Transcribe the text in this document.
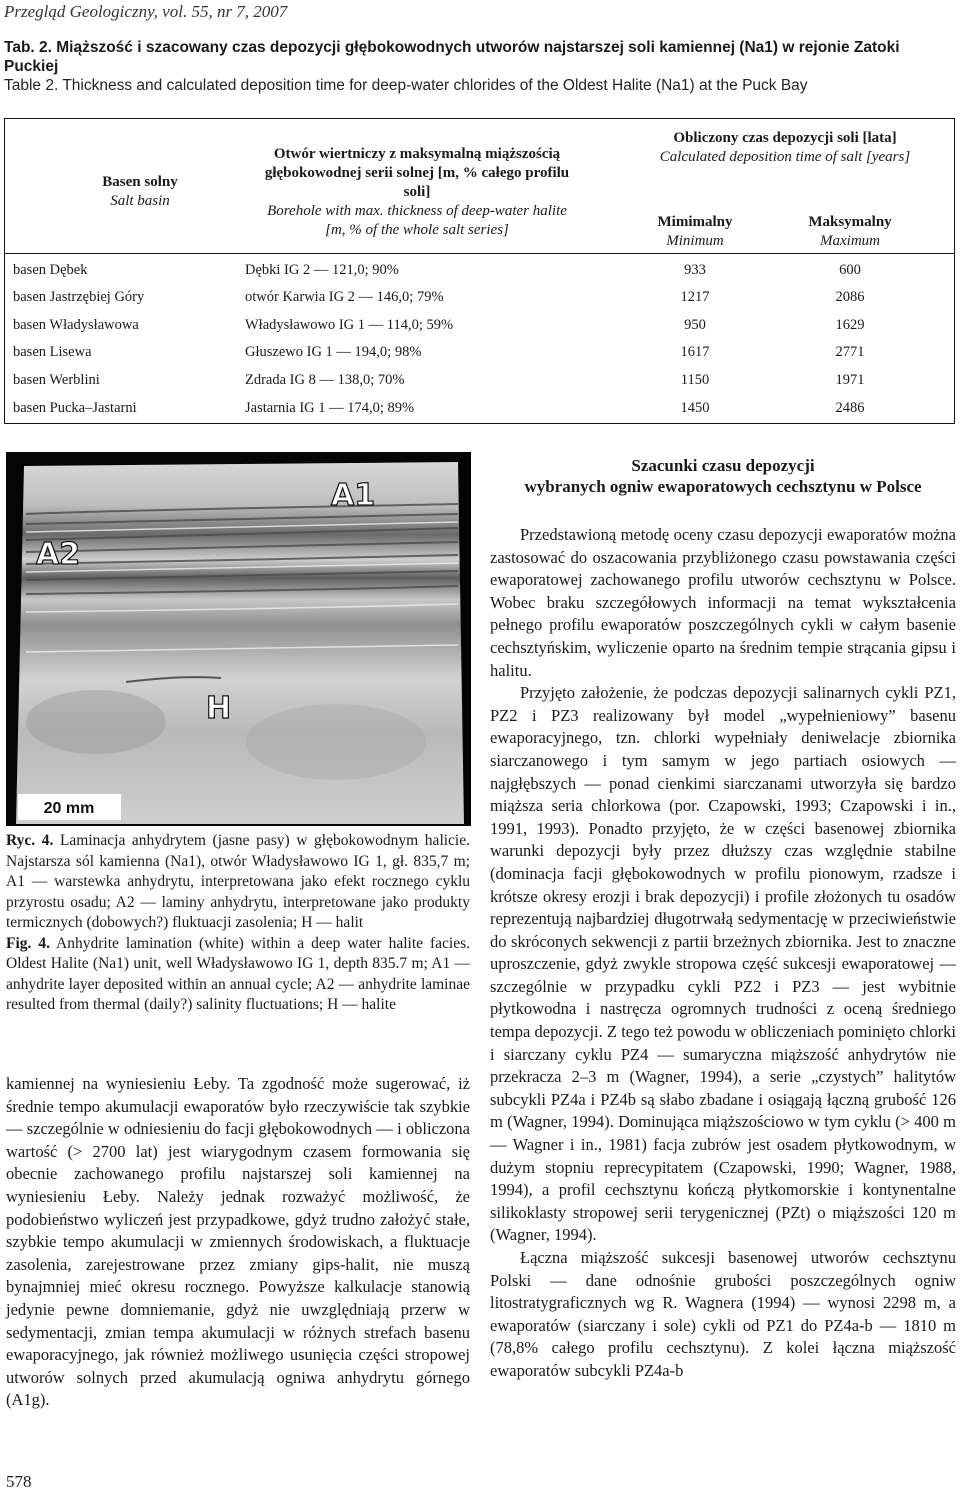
Przegląd Geologiczny, vol. 55, nr 7, 2007
Tab. 2. Miąższość i szacowany czas depozycji głębokowodnych utworów najstarszej soli kamiennej (Na1) w rejonie Zatoki Puckiej
Table 2. Thickness and calculated deposition time for deep-water chlorides of the Oldest Halite (Na1) at the Puck Bay
Basen solny
Salt basin
Otwór wiertniczy z maksymalną miąższością głębokowodnej serii solnej [m, % całego profilu soli]
Borehole with max. thickness of deep-water halite [m, % of the whole salt series]
Obliczony czas depozycji soli [lata]
Calculated deposition time of salt [years]
Mimimalny
Minimum
Maksymalny
Maximum
basen Dębek	Dębki IG 2 — 121,0; 90%	933	600
basen Jastrzębiej Góry	otwór Karwia IG 2 — 146,0; 79%	1217	2086
basen Władysławowa	Władysławowo IG 1 — 114,0; 59%	950	1629
basen Lisewa	Głuszewo IG 1 — 194,0; 98%	1617	2771
basen Werblini	Zdrada IG 8 — 138,0; 70%	1150	1971
basen Pucka–Jastarni	Jastarnia IG 1 — 174,0; 89%	1450	2486
A1
A2
H
20 mm
Ryc. 4. Laminacja anhydrytem (jasne pasy) w głębokowodnym halicie. Najstarsza sól kamienna (Na1), otwór Władysławowo IG 1, gł. 835,7 m; A1 — warstewka anhydrytu, interpretowana jako efekt rocznego cyklu przyrostu osadu; A2 — laminy anhydrytu, interpretowane jako produkty termicznych (dobowych?) fluktuacji zasolenia; H — halit
Fig. 4. Anhydrite lamination (white) within a deep water halite facies. Oldest Halite (Na1) unit, well Władysławowo IG 1, depth 835.7 m; A1 — anhydrite layer deposited within an annual cycle; A2 — anhydrite laminae resulted from thermal (daily?) salinity fluctuations; H — halite
kamiennej na wyniesieniu Łeby. Ta zgodność może sugerować, iż średnie tempo akumulacji ewaporatów było rzeczywiście tak szybkie — szczególnie w odniesieniu do facji głębokowodnych — i obliczona wartość (> 2700 lat) jest wiarygodnym czasem formowania się obecnie zachowanego profilu najstarszej soli kamiennej na wyniesieniu Łeby. Należy jednak rozważyć możliwość, że podobieństwo wyliczeń jest przypadkowe, gdyż trudno założyć stałe, szybkie tempo akumulacji w zmiennych środowiskach, a fluktuacje zasolenia, zarejestrowane przez zmiany gips-halit, nie muszą bynajmniej mieć okresu rocznego. Powyższe kalkulacje stanowią jedynie pewne domniemanie, gdyż nie uwzględniają przerw w sedymentacji, zmian tempa akumulacji w różnych strefach basenu ewaporacyjnego, jak również możliwego usunięcia części stropowej utworów solnych przed akumulacją ogniwa anhydrytu górnego (A1g).
Szacunki czasu depozycji
wybranych ogniw ewaporatowych cechsztynu w Polsce

Przedstawioną metodę oceny czasu depozycji ewaporatów można zastosować do oszacowania przybliżonego czasu powstawania części ewaporatowej zachowanego profilu utworów cechsztynu w Polsce. Wobec braku szczegółowych informacji na temat wykształcenia pełnego profilu ewaporatów poszczególnych cykli w całym basenie cechsztyńskim, wyliczenie oparto na średnim tempie strącania gipsu i halitu.

Przyjęto założenie, że podczas depozycji salinarnych cykli PZ1, PZ2 i PZ3 realizowany był model „wypełnieniowy” basenu ewaporacyjnego, tzn. chlorki wypełniały deniwelacje zbiornika siarczanowego i tym samym w jego partiach osiowych — najgłębszych — ponad cienkimi siarczanami utworzyła się bardzo miąższa seria chlorkowa (por. Czapowski, 1993; Czapowski i in., 1991, 1993). Ponadto przyjęto, że w części basenowej zbiornika warunki depozycji były przez dłuższy czas względnie stabilne (dominacja facji głębokowodnych w profilu pionowym, rzadsze i krótsze okresy erozji i brak depozycji) i profile złożonych tu osadów reprezentują najbardziej długotrwałą sedymentację w przeciwieństwie do skróconych sekwencji z partii brzeżnych zbiornika. Jest to znaczne uproszczenie, gdyż zwykle stropowa część sukcesji ewaporatowej — szczególnie w przypadku cykli PZ2 i PZ3 — jest wybitnie płytkowodna i nastręcza ogromnych trudności z oceną średniego tempa depozycji. Z tego też powodu w obliczeniach pominięto chlorki i siarczany cyklu PZ4 — sumaryczna miąższość anhydrytów nie przekracza 2–3 m (Wagner, 1994), a serie „czystych” halitytów subcykli PZ4a i PZ4b są słabo zbadane i osiągają łączną grubość 126 m (Wagner, 1994). Dominująca miąższościowo w tym cyklu (> 400 m — Wagner i in., 1981) facja zubrów jest osadem płytkowodnym, w dużym stopniu reprecypitatem (Czapowski, 1990; Wagner, 1988, 1994), a profil cechsztynu kończą płytkomorskie i kontynentalne silikoklasty stropowej serii terygenicznej (PZt) o miąższości 120 m (Wagner, 1994).

Łączna miąższość sukcesji basenowej utworów cechsztynu Polski — dane odnośnie grubości poszczególnych ogniw litostratygraficznych wg R. Wagnera (1994) — wynosi 2298 m, a ewaporatów (siarczany i sole) cykli od PZ1 do PZ4a-b — 1810 m (78,8% całego profilu cechsztynu). Z kolei łączna miąższość ewaporatów subcykli PZ4a-b

578
